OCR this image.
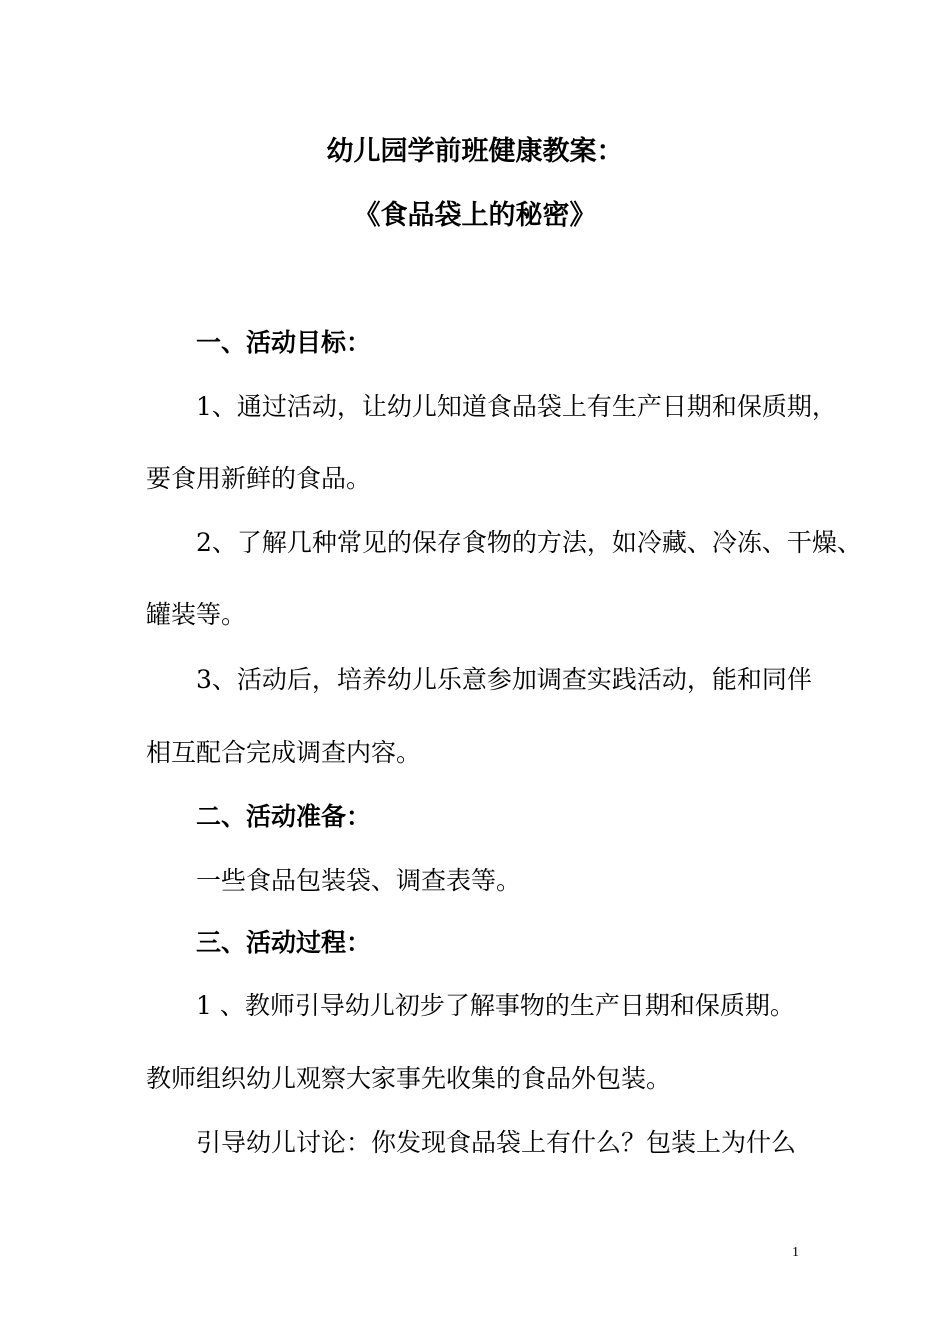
幼儿园学前班健康教案：
《食品袋上的秘密》

一、活动目标：

1、通过活动，让幼儿知道食品袋上有生产日期和保质期，

要食用新鲜的食品。

2、了解几种常见的保存食物的方法，如冷藏、冷冻、干燥、

罐装等。

3、活动后，培养幼儿乐意参加调查实践活动，能和同伴

相互配合完成调查内容。

二、活动准备：

一些食品包装袋、调查表等。

三、活动过程：

1 、教师引导幼儿初步了解事物的生产日期和保质期。

教师组织幼儿观察大家事先收集的食品外包装。

引导幼儿讨论：你发现食品袋上有什么？包装上为什么

1
